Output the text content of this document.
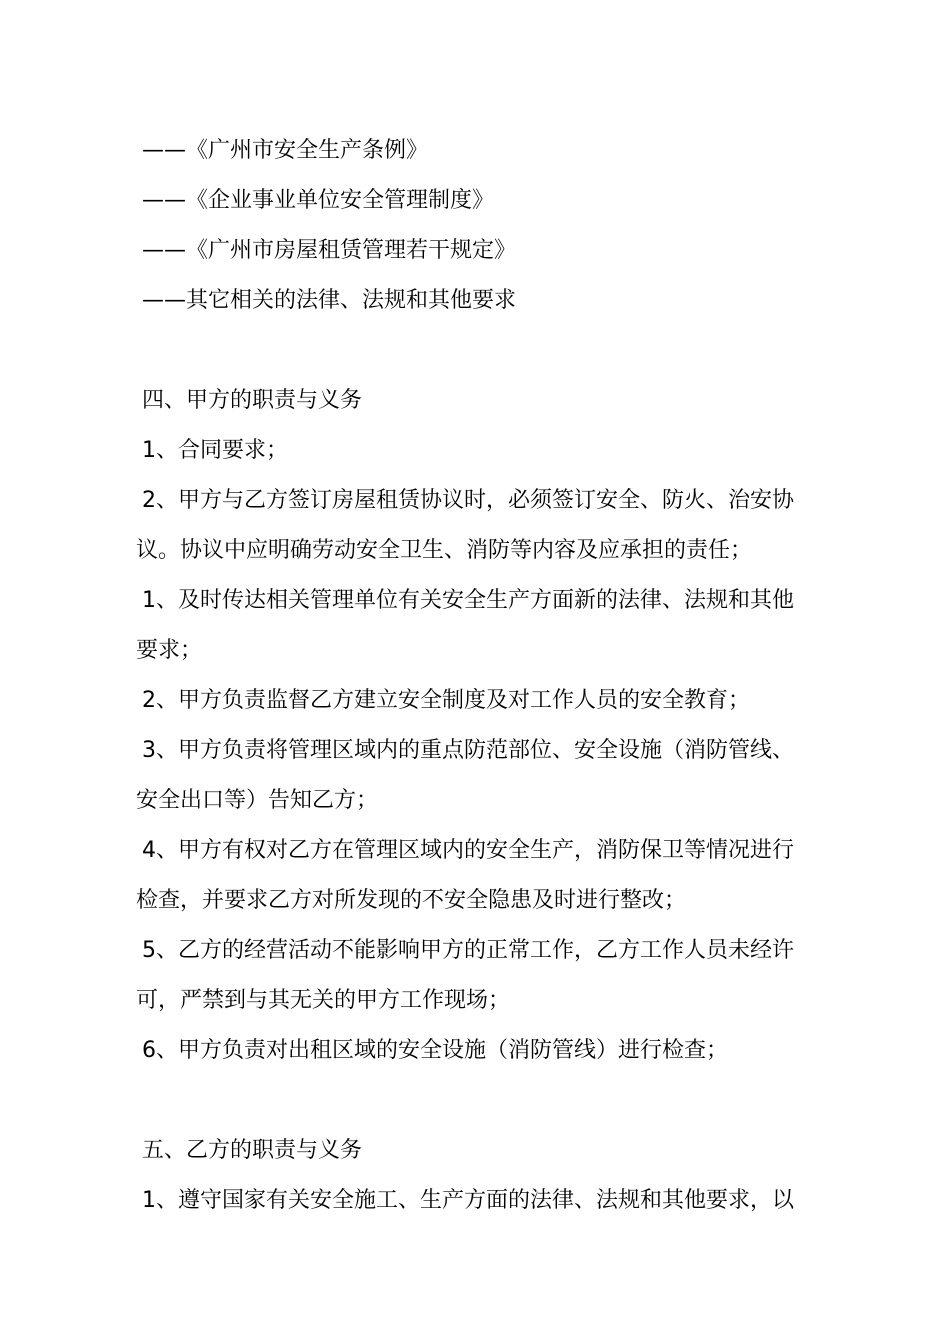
——《广州市安全生产条例》
——《企业事业单位安全管理制度》
——《广州市房屋租赁管理若干规定》
——其它相关的法律、法规和其他要求
四、甲方的职责与义务
1、合同要求；
2、甲方与乙方签订房屋租赁协议时，必须签订安全、防火、治安协
议。协议中应明确劳动安全卫生、消防等内容及应承担的责任；
1、及时传达相关管理单位有关安全生产方面新的法律、法规和其他
要求；
2、甲方负责监督乙方建立安全制度及对工作人员的安全教育；
3、甲方负责将管理区域内的重点防范部位、安全设施（消防管线、
安全出口等）告知乙方；
4、甲方有权对乙方在管理区域内的安全生产，消防保卫等情况进行
检查，并要求乙方对所发现的不安全隐患及时进行整改；
5、乙方的经营活动不能影响甲方的正常工作，乙方工作人员未经许
可，严禁到与其无关的甲方工作现场；
6、甲方负责对出租区域的安全设施（消防管线）进行检查；
五、乙方的职责与义务
1、遵守国家有关安全施工、生产方面的法律、法规和其他要求，以
